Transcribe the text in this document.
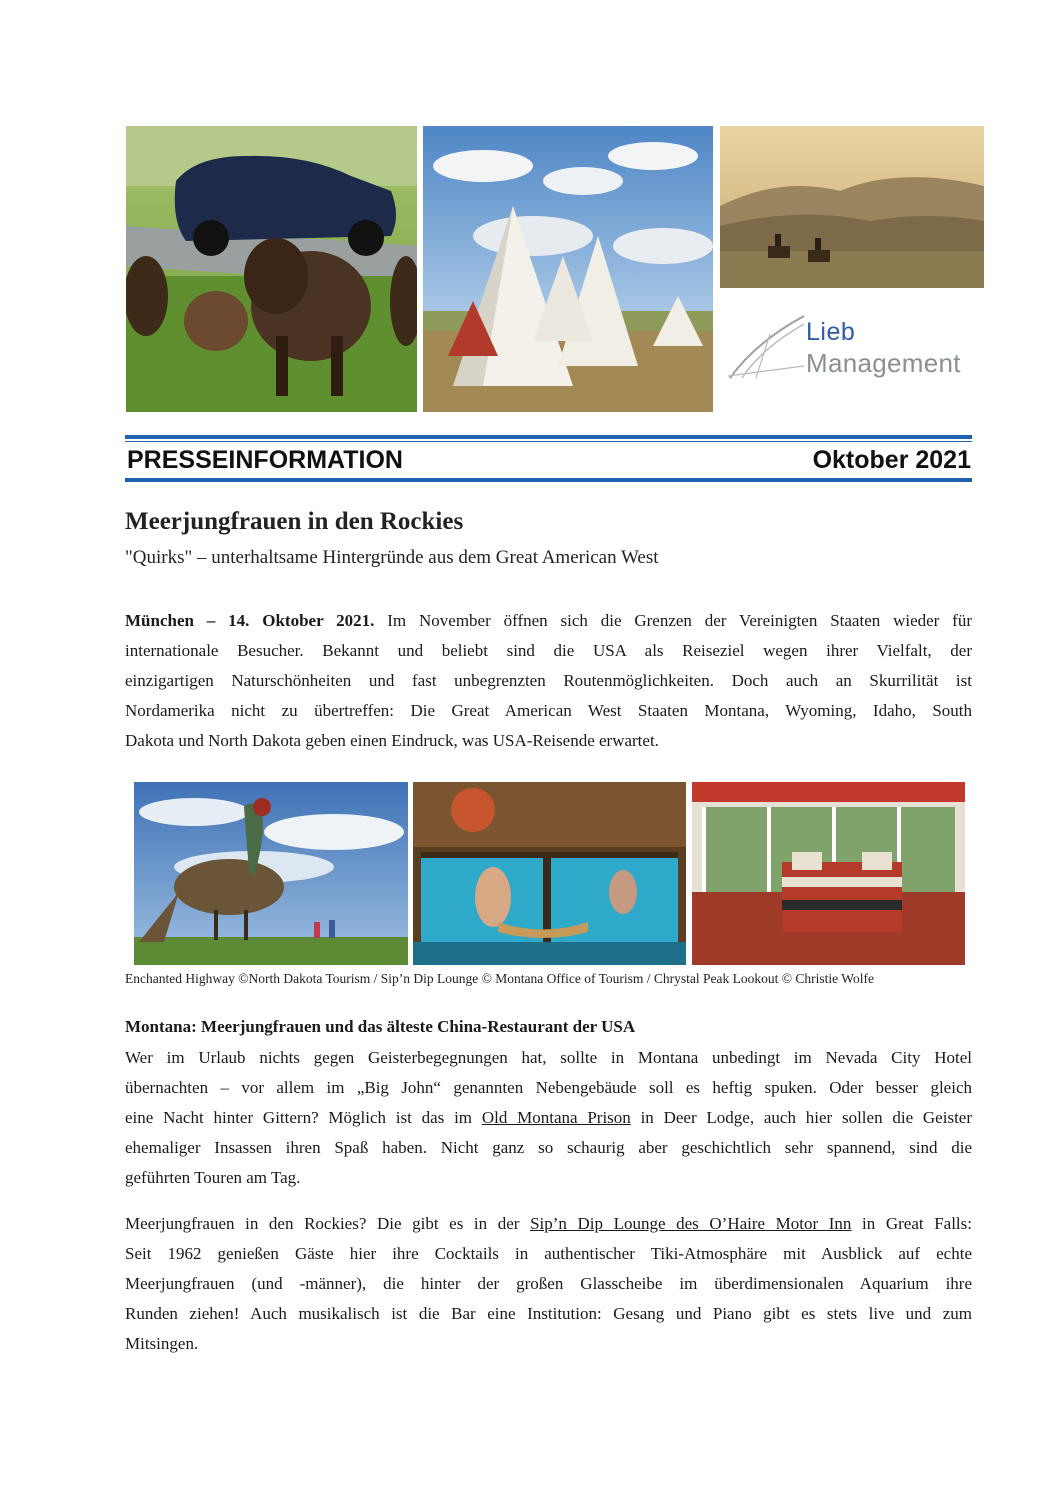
Lieb
Management
PRESSEINFORMATION	Oktober 2021
Meerjungfrauen in den Rockies
"Quirks" – unterhaltsame Hintergründe aus dem Great American West
München – 14. Oktober 2021. Im November öffnen sich die Grenzen der Vereinigten Staaten wieder für
internationale Besucher. Bekannt und beliebt sind die USA als Reiseziel wegen ihrer Vielfalt, der
einzigartigen Naturschönheiten und fast unbegrenzten Routenmöglichkeiten. Doch auch an Skurrilität ist
Nordamerika nicht zu übertreffen: Die Great American West Staaten Montana, Wyoming, Idaho, South
Dakota und North Dakota geben einen Eindruck, was USA-Reisende erwartet.
Enchanted Highway ©North Dakota Tourism / Sip’n Dip Lounge © Montana Office of Tourism / Chrystal Peak Lookout © Christie Wolfe
Montana: Meerjungfrauen und das älteste China-Restaurant der USA
Wer im Urlaub nichts gegen Geisterbegegnungen hat, sollte in Montana unbedingt im Nevada City Hotel
übernachten – vor allem im „Big John“ genannten Nebengebäude soll es heftig spuken. Oder besser gleich
eine Nacht hinter Gittern? Möglich ist das im Old Montana Prison in Deer Lodge, auch hier sollen die Geister
ehemaliger Insassen ihren Spaß haben. Nicht ganz so schaurig aber geschichtlich sehr spannend, sind die
geführten Touren am Tag.
Meerjungfrauen in den Rockies? Die gibt es in der Sip’n Dip Lounge des O’Haire Motor Inn in Great Falls:
Seit 1962 genießen Gäste hier ihre Cocktails in authentischer Tiki-Atmosphäre mit Ausblick auf echte
Meerjungfrauen (und -männer), die hinter der großen Glasscheibe im überdimensionalen Aquarium ihre
Runden ziehen! Auch musikalisch ist die Bar eine Institution: Gesang und Piano gibt es stets live und zum
Mitsingen.
